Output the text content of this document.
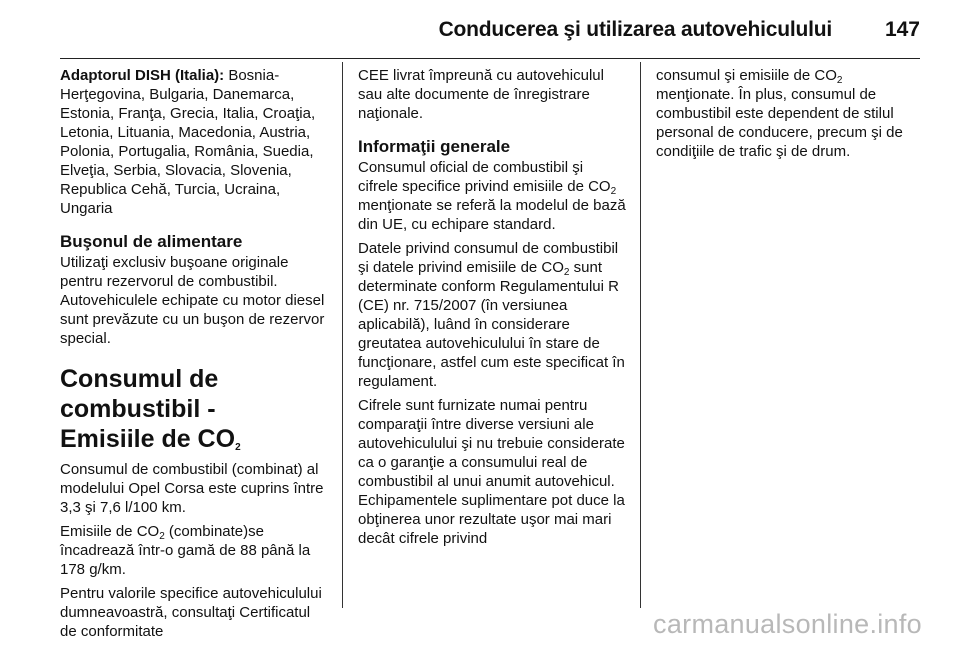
Conducerea şi utilizarea autovehiculului	147

Adaptorul DISH (Italia): Bosnia-Herţegovina, Bulgaria, Danemarca, Estonia, Franţa, Grecia, Italia, Croaţia, Letonia, Lituania, Macedonia, Austria, Polonia, Portugalia, România, Suedia, Elveţia, Serbia, Slovacia, Slovenia, Republica Cehă, Turcia, Ucraina, Ungaria

Buşonul de alimentare

Utilizaţi exclusiv buşoane originale pentru rezervorul de combustibil. Autovehiculele echipate cu motor diesel sunt prevăzute cu un buşon de rezervor special.

Consumul de combustibil -
Emisiile de $CO_2$

Consumul de combustibil (combinat) al modelului Opel Corsa este cuprins între 3,3 şi 7,6 l/100 km.

Emisiile de $CO_2$ (combinate)se încadrează într-o gamă de 88 până la 178 g/km.

Pentru valorile specifice autovehiculului dumneavoastră, consultaţi Certificatul de conformitate

CEE livrat împreună cu autovehiculul sau alte documente de înregistrare naţionale.

Informaţii generale

Consumul oficial de combustibil şi cifrele specifice privind emisiile de $CO_2$ menţionate se referă la modelul de bază din UE, cu echipare standard.

Datele privind consumul de combustibil şi datele privind emisiile de $CO_2$ sunt determinate conform Regulamentului R (CE) nr. 715/2007 (în versiunea aplicabilă), luând în considerare greutatea autovehiculului în stare de funcţionare, astfel cum este specificat în regulament.

Cifrele sunt furnizate numai pentru comparaţii între diverse versiuni ale autovehiculului şi nu trebuie considerate ca o garanţie a consumului real de combustibil al unui anumit autovehicul.

Echipamentele suplimentare pot duce la obţinerea unor rezultate uşor mai mari decât cifrele privind

consumul şi emisiile de $CO_2$
menţionate. În plus, consumul de combustibil este dependent de stilul personal de conducere, precum şi de condiţiile de trafic şi de drum.

carmanualsonline.info
